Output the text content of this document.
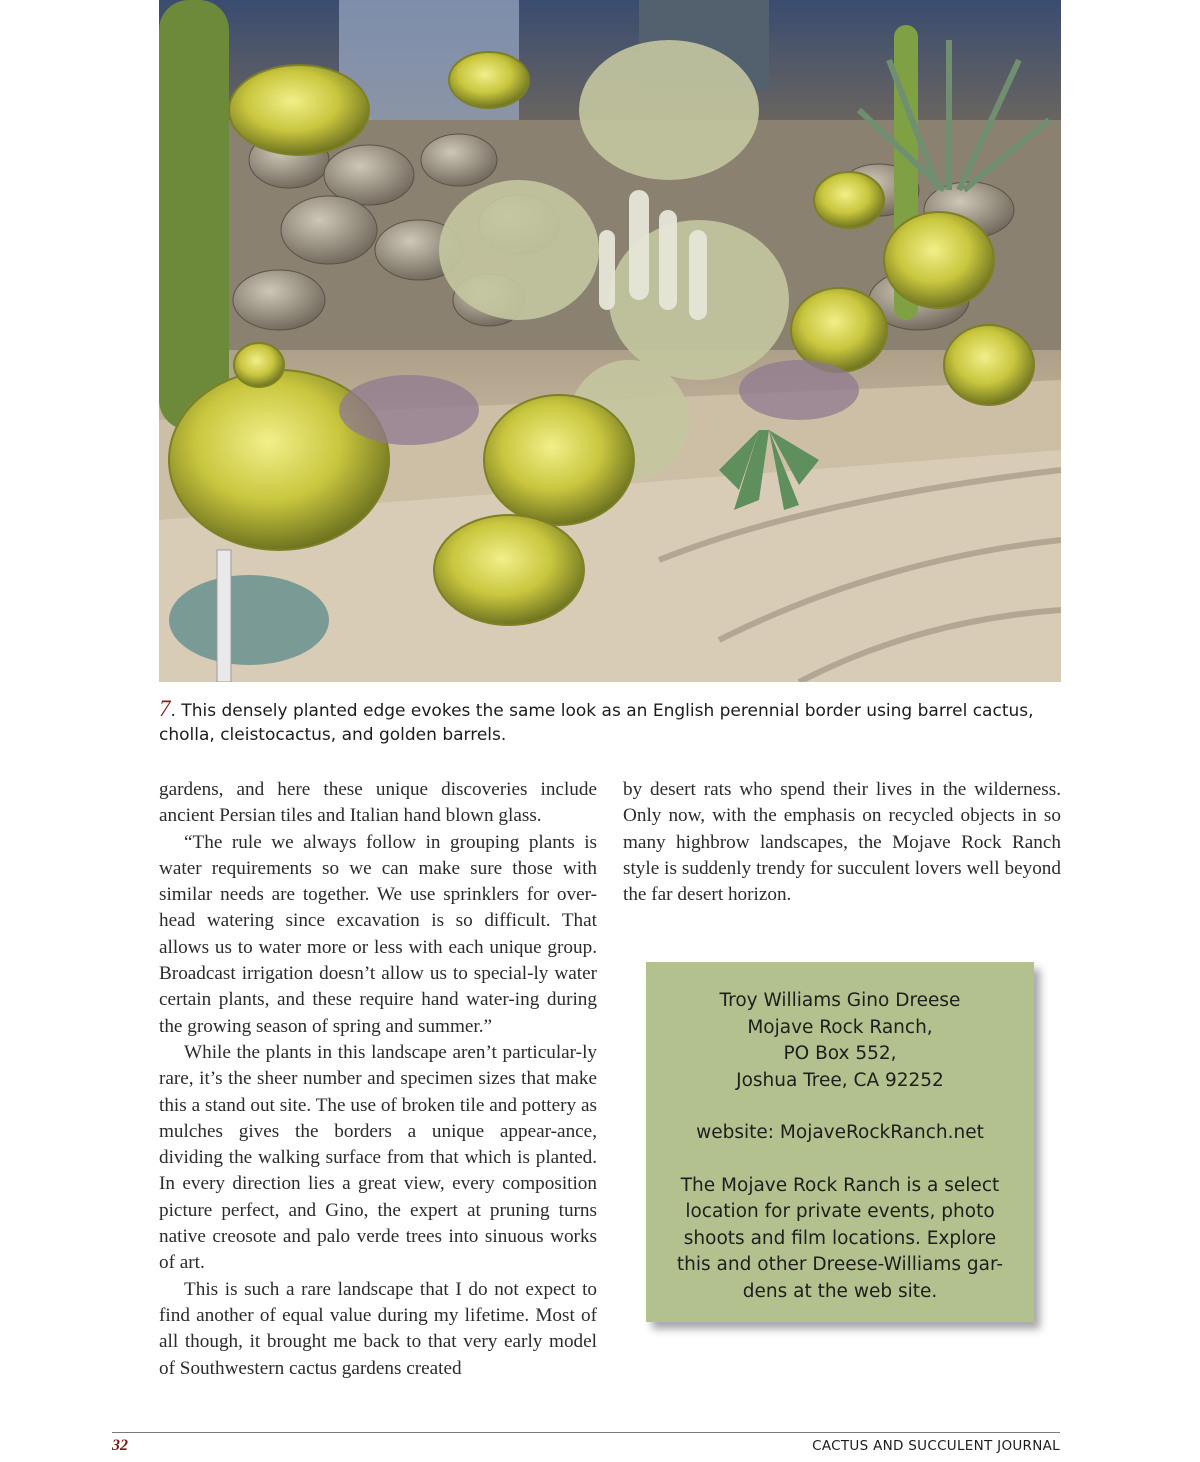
7. This densely planted edge evokes the same look as an English perennial border using barrel cactus, cholla, cleistocactus, and golden barrels.

gardens, and here these unique discoveries include ancient Persian tiles and Italian hand blown glass.

“The rule we always follow in grouping plants is water requirements so we can make sure those with similar needs are together. We use sprinklers for over-head watering since excavation is so difficult. That allows us to water more or less with each unique group. Broadcast irrigation doesn’t allow us to special-ly water certain plants, and these require hand water-ing during the growing season of spring and summer.”

While the plants in this landscape aren’t particular-ly rare, it’s the sheer number and specimen sizes that make this a stand out site. The use of broken tile and pottery as mulches gives the borders a unique appear-ance, dividing the walking surface from that which is planted. In every direction lies a great view, every composition picture perfect, and Gino, the expert at pruning turns native creosote and palo verde trees into sinuous works of art.

This is such a rare landscape that I do not expect to find another of equal value during my lifetime. Most of all though, it brought me back to that very early model of Southwestern cactus gardens created

by desert rats who spend their lives in the wilderness. Only now, with the emphasis on recycled objects in so many highbrow landscapes, the Mojave Rock Ranch style is suddenly trendy for succulent lovers well beyond the far desert horizon.

Troy Williams Gino Dreese
Mojave Rock Ranch,
PO Box 552,
Joshua Tree, CA 92252
website: MojaveRockRanch.net
The Mojave Rock Ranch is a select
location for private events, photo
shoots and film locations. Explore
this and other Dreese-Williams gar-
dens at the web site.
32	CACTUS AND SUCCULENT JOURNAL
